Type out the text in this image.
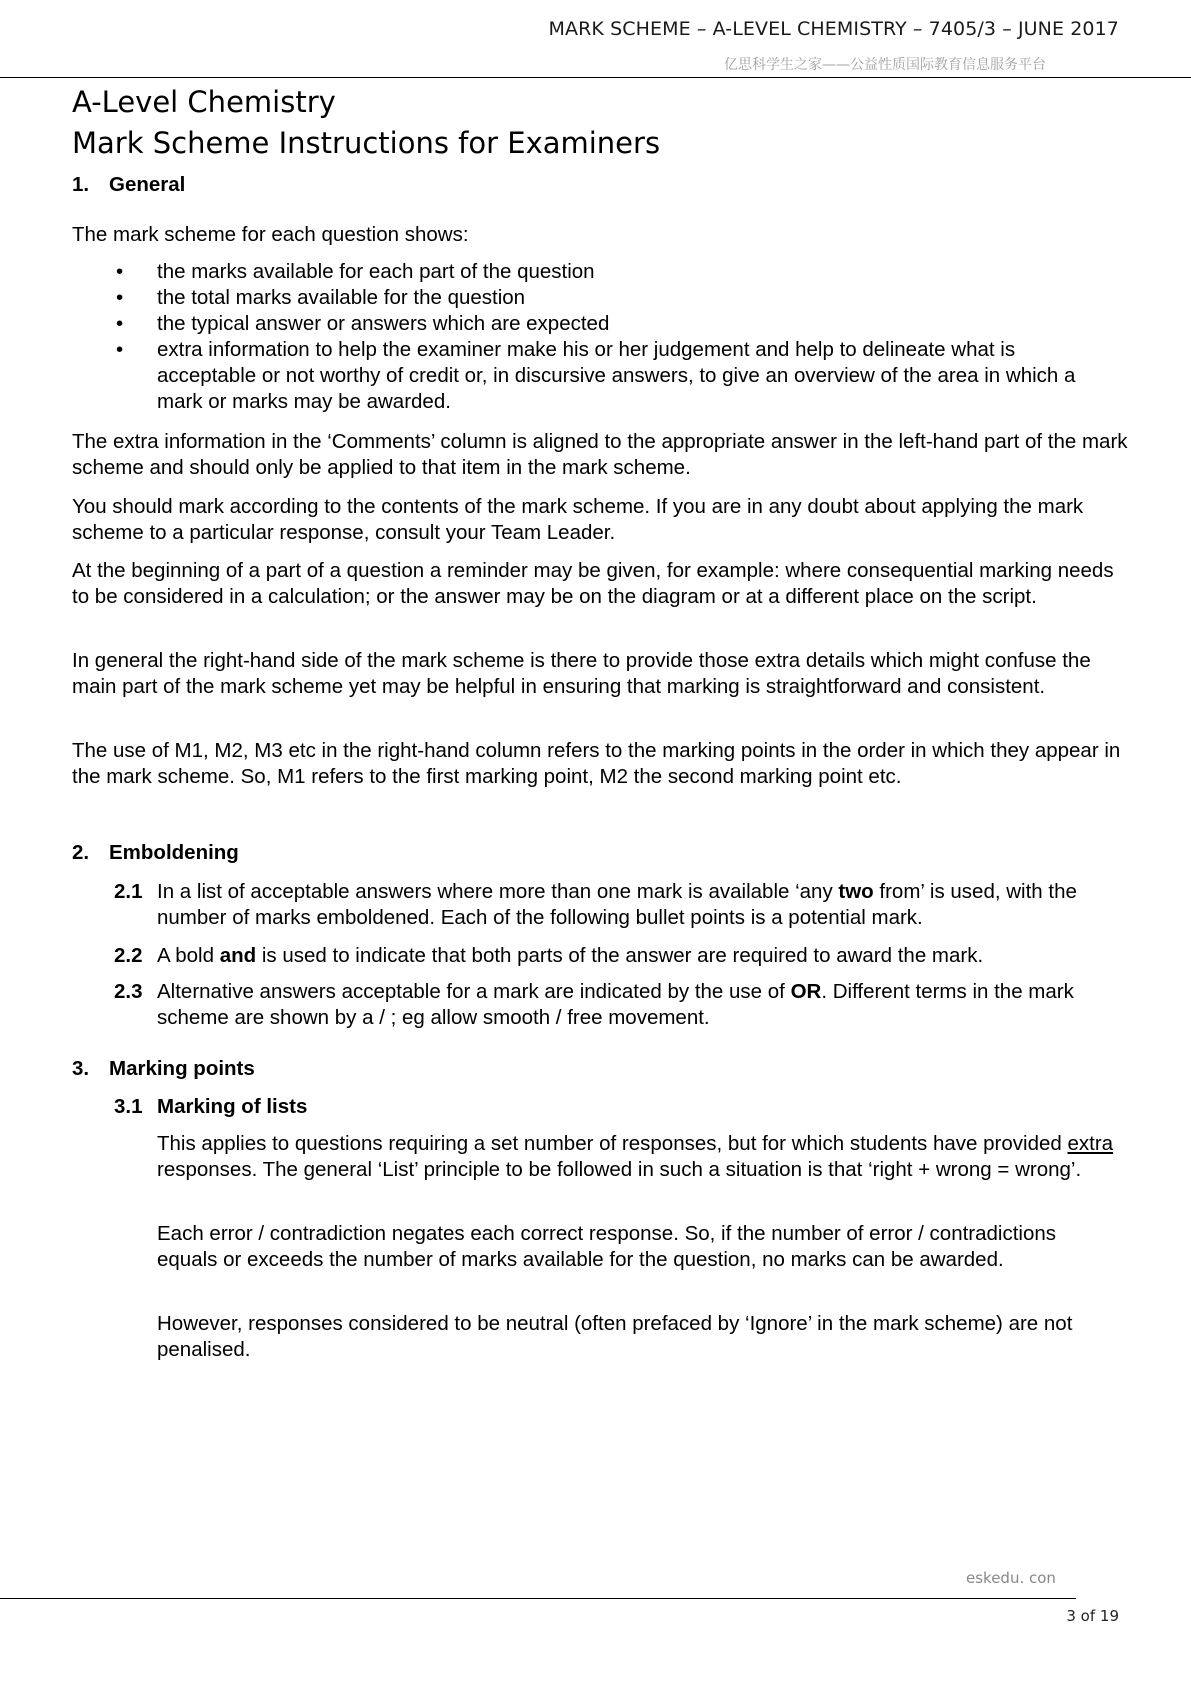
MARK SCHEME – A-LEVEL CHEMISTRY – 7405/3 – JUNE 2017
亿思科学生之家——公益性质国际教育信息服务平台
A-Level Chemistry
Mark Scheme Instructions for Examiners
1. General

The mark scheme for each question shows:

• the marks available for each part of the question
• the total marks available for the question
• the typical answer or answers which are expected
• extra information to help the examiner make his or her judgement and help to delineate what is acceptable or not worthy of credit or, in discursive answers, to give an overview of the area in which a mark or marks may be awarded.

The extra information in the ‘Comments’ column is aligned to the appropriate answer in the left-hand part of the mark scheme and should only be applied to that item in the mark scheme.

You should mark according to the contents of the mark scheme. If you are in any doubt about applying the mark scheme to a particular response, consult your Team Leader.

At the beginning of a part of a question a reminder may be given, for example: where consequential marking needs to be considered in a calculation; or the answer may be on the diagram or at a different place on the script.

In general the right-hand side of the mark scheme is there to provide those extra details which might confuse the main part of the mark scheme yet may be helpful in ensuring that marking is straightforward and consistent.

The use of M1, M2, M3 etc in the right-hand column refers to the marking points in the order in which they appear in the mark scheme. So, M1 refers to the first marking point, M2 the second marking point etc.

2. Emboldening
2.1 In a list of acceptable answers where more than one mark is available ‘any two from’ is used, with the number of marks emboldened. Each of the following bullet points is a potential mark.
2.2 A bold and is used to indicate that both parts of the answer are required to award the mark.
2.3 Alternative answers acceptable for a mark are indicated by the use of OR. Different terms in the mark scheme are shown by a / ; eg allow smooth / free movement.
3. Marking points
3.1 Marking of lists

This applies to questions requiring a set number of responses, but for which students have provided extra responses. The general ‘List’ principle to be followed in such a situation is that ‘right + wrong = wrong’.

Each error / contradiction negates each correct response. So, if the number of error / contradictions equals or exceeds the number of marks available for the question, no marks can be awarded.

However, responses considered to be neutral (often prefaced by ‘Ignore’ in the mark scheme) are not penalised.

eskedu. con
3 of 19
